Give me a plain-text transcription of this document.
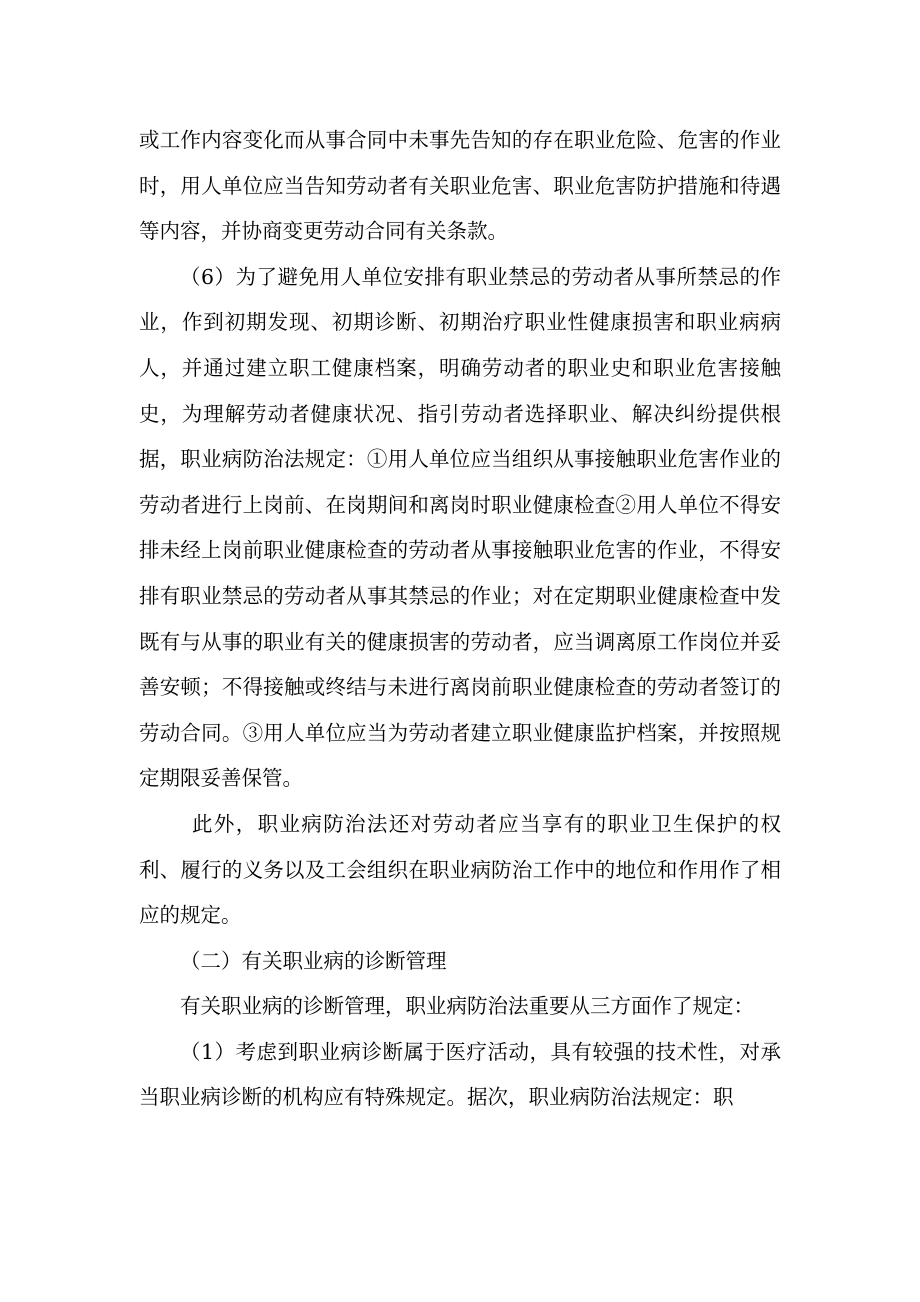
或工作内容变化而从事合同中未事先告知的存在职业危险、危害的作业时，用人单位应当告知劳动者有关职业危害、职业危害防护措施和待遇等内容，并协商变更劳动合同有关条款。

（6）为了避免用人单位安排有职业禁忌的劳动者从事所禁忌的作业，作到初期发现、初期诊断、初期治疗职业性健康损害和职业病病人，并通过建立职工健康档案，明确劳动者的职业史和职业危害接触史，为理解劳动者健康状况、指引劳动者选择职业、解决纠纷提供根据，职业病防治法规定：①用人单位应当组织从事接触职业危害作业的劳动者进行上岗前、在岗期间和离岗时职业健康检查②用人单位不得安排未经上岗前职业健康检查的劳动者从事接触职业危害的作业，不得安排有职业禁忌的劳动者从事其禁忌的作业；对在定期职业健康检查中发既有与从事的职业有关的健康损害的劳动者，应当调离原工作岗位并妥善安顿；不得接触或终结与未进行离岗前职业健康检查的劳动者签订的劳动合同。③用人单位应当为劳动者建立职业健康监护档案，并按照规定期限妥善保管。

此外，职业病防治法还对劳动者应当享有的职业卫生保护的权利、履行的义务以及工会组织在职业病防治工作中的地位和作用作了相应的规定。

（二）有关职业病的诊断管理

有关职业病的诊断管理，职业病防治法重要从三方面作了规定：

（1）考虑到职业病诊断属于医疗活动，具有较强的技术性，对承当职业病诊断的机构应有特殊规定。据次，职业病防治法规定：职
